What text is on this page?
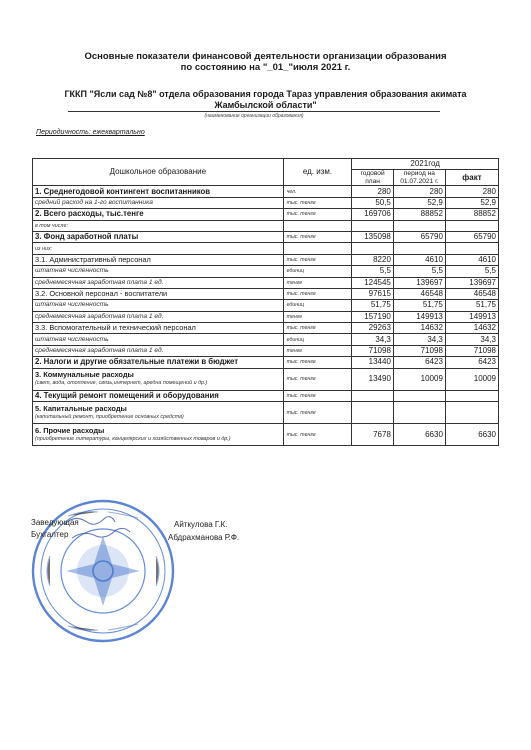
Основные показатели финансовой деятельности организации образования
по состоянию на "_01_"июля 2021 г.
ГККП "Ясли сад №8" отдела образования города Тараз управления образования акимата
Жамбылской области"
(наименование организации образования)
Периодичность: ежеквартально
Дошкольное образование	ед. изм.	2021год		
		годовой план	период на 01.07.2021 г.	факт

1. Среднегодовой контингент воспитанников	чел.	280	280	280
средний расход на 1-го воспитанника	тыс. тенге	50,5	52,9	52,9
2. Всего расходы, тыс.тенге	тыс. тенге	169706	88852	88852
в том числе:				
3. Фонд заработной платы	тыс. тенге	135098	65790	65790
из них:				
3.1. Административный персонал	тыс. тенге	8220	4610	4610
штатная численность	единиц	5,5	5,5	5,5
среднемесячная заработная плата 1 ед.	тенге	124545	139697	139697
3.2. Основной персонал - воспитатели	тыс. тенге	97615	46548	46548
штатная численность	единиц	51,75	51,75	51,75
среднемесячная заработная плата 1 ед.	тенге	157190	149913	149913
3.3. Вспомогательный и технический персонал	тыс. тенге	29263	14632	14632
штатная численность	единиц	34,3	34,3	34,3
среднемесячная заработная плата 1 ед.	тенге	71098	71098	71098
2. Налоги и другие обязательные платежи в бюджет	тыс. тенге	13440	6423	6423

3. Коммунальные расходы
(свет, вода, отопление, связь,интернет, аредна помещений и др.)	тыс. тенге	13490	10009	10009
4. Текущий ремонт помещений и оборудования	тыс. тенге			

5. Капитальные расходы
(капитальный ремонт, приобретение основных средств)	тыс. тенге			

6. Прочие расходы
(приобретение литературы, канцелярских и хозяйственных товаров и др.)	тыс. тенге	7678	6630	6630
Заведующая	Айткулова Г.К.
Бухгалтер	Абдрахманова Р.Ф.
